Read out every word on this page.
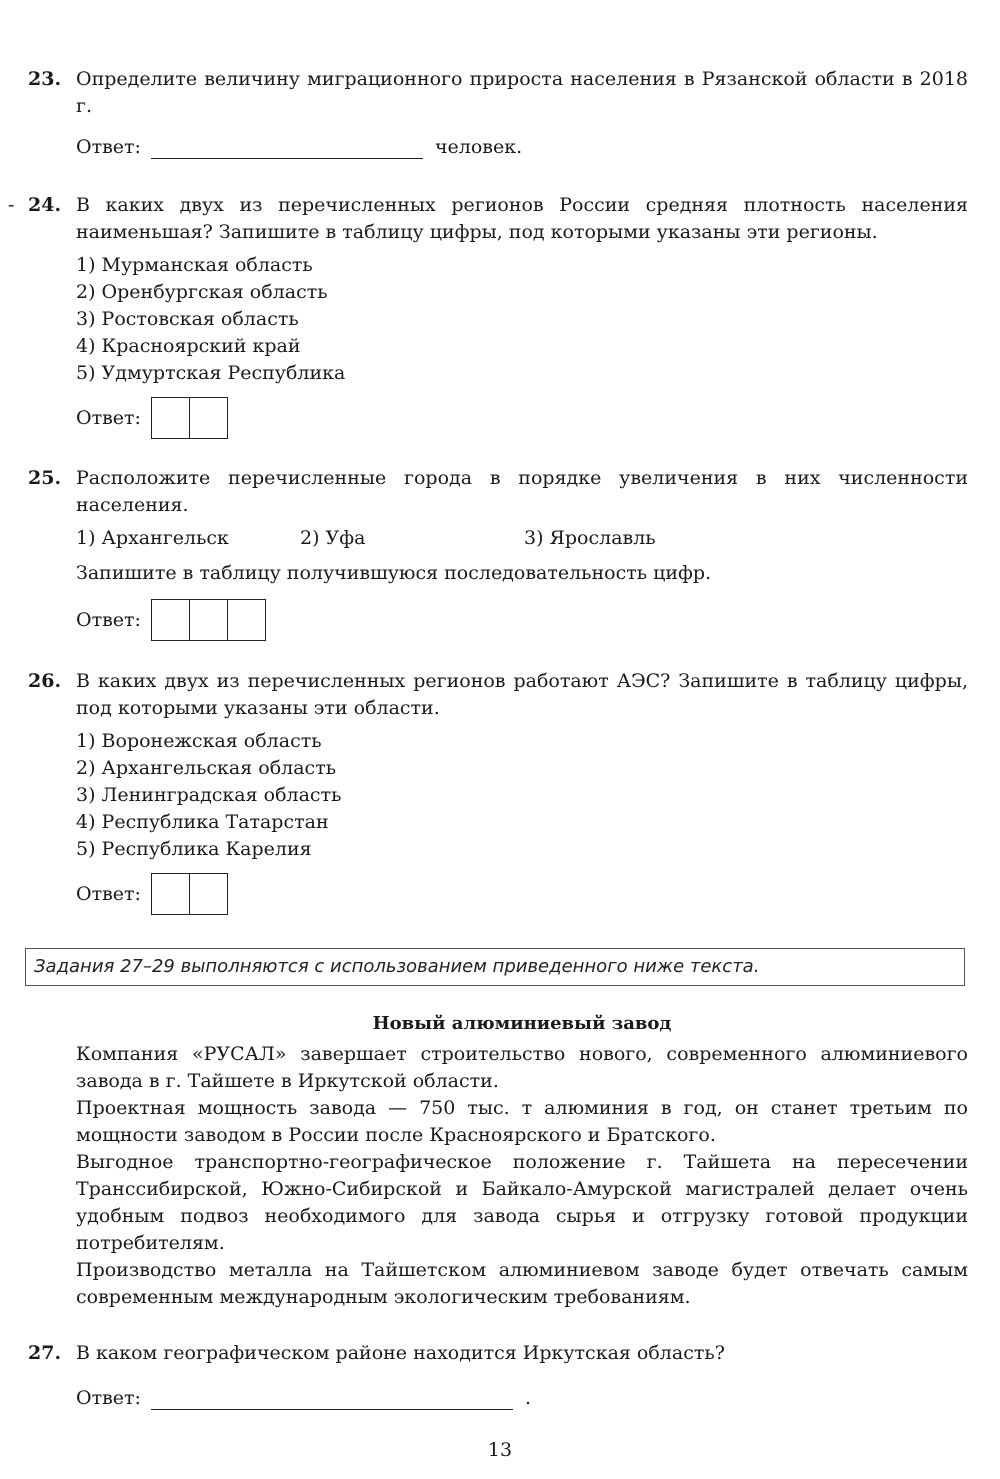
-
23. Определите величину миграционного прироста населения в Рязанской области в 2018 г.
Ответ:	человек.
24. В каких двух из перечисленных регионов России средняя плотность населения наименьшая? Запишите в таблицу цифры, под которыми указаны эти регионы.
1) Мурманская область
2) Оренбургская область
3) Ростовская область
4) Красноярский край
5) Удмуртская Республика
Ответ:
25. Расположите перечисленные города в порядке увеличения в них численности населения.
1) Архангельск	2) Уфа	3) Ярославль
Запишите в таблицу получившуюся последовательность цифр.
Ответ:
26. В каких двух из перечисленных регионов работают АЭС? Запишите в таблицу цифры, под которыми указаны эти области.
1) Воронежская область
2) Архангельская область
3) Ленинградская область
4) Республика Татарстан
5) Республика Карелия
Ответ:
Задания 27–29 выполняются с использованием приведенного ниже текста.
Новый алюминиевый завод

Компания «РУСАЛ» завершает строительство нового, современного алюминиевого завода в г. Тайшете в Иркутской области.

Проектная мощность завода — 750 тыс. т алюминия в год, он станет третьим по мощности заводом в России после Красноярского и Братского.

Выгодное транспортно-географическое положение г. Тайшета на пересечении Транссибирской, Южно-Сибирской и Байкало-Амурской магистралей делает очень удобным подвоз необходимого для завода сырья и отгрузку готовой продукции потребителям.

Производство металла на Тайшетском алюминиевом заводе будет отвечать самым современным международным экологическим требованиям.

27. В каком географическом районе находится Иркутская область?
Ответ:	.
13
